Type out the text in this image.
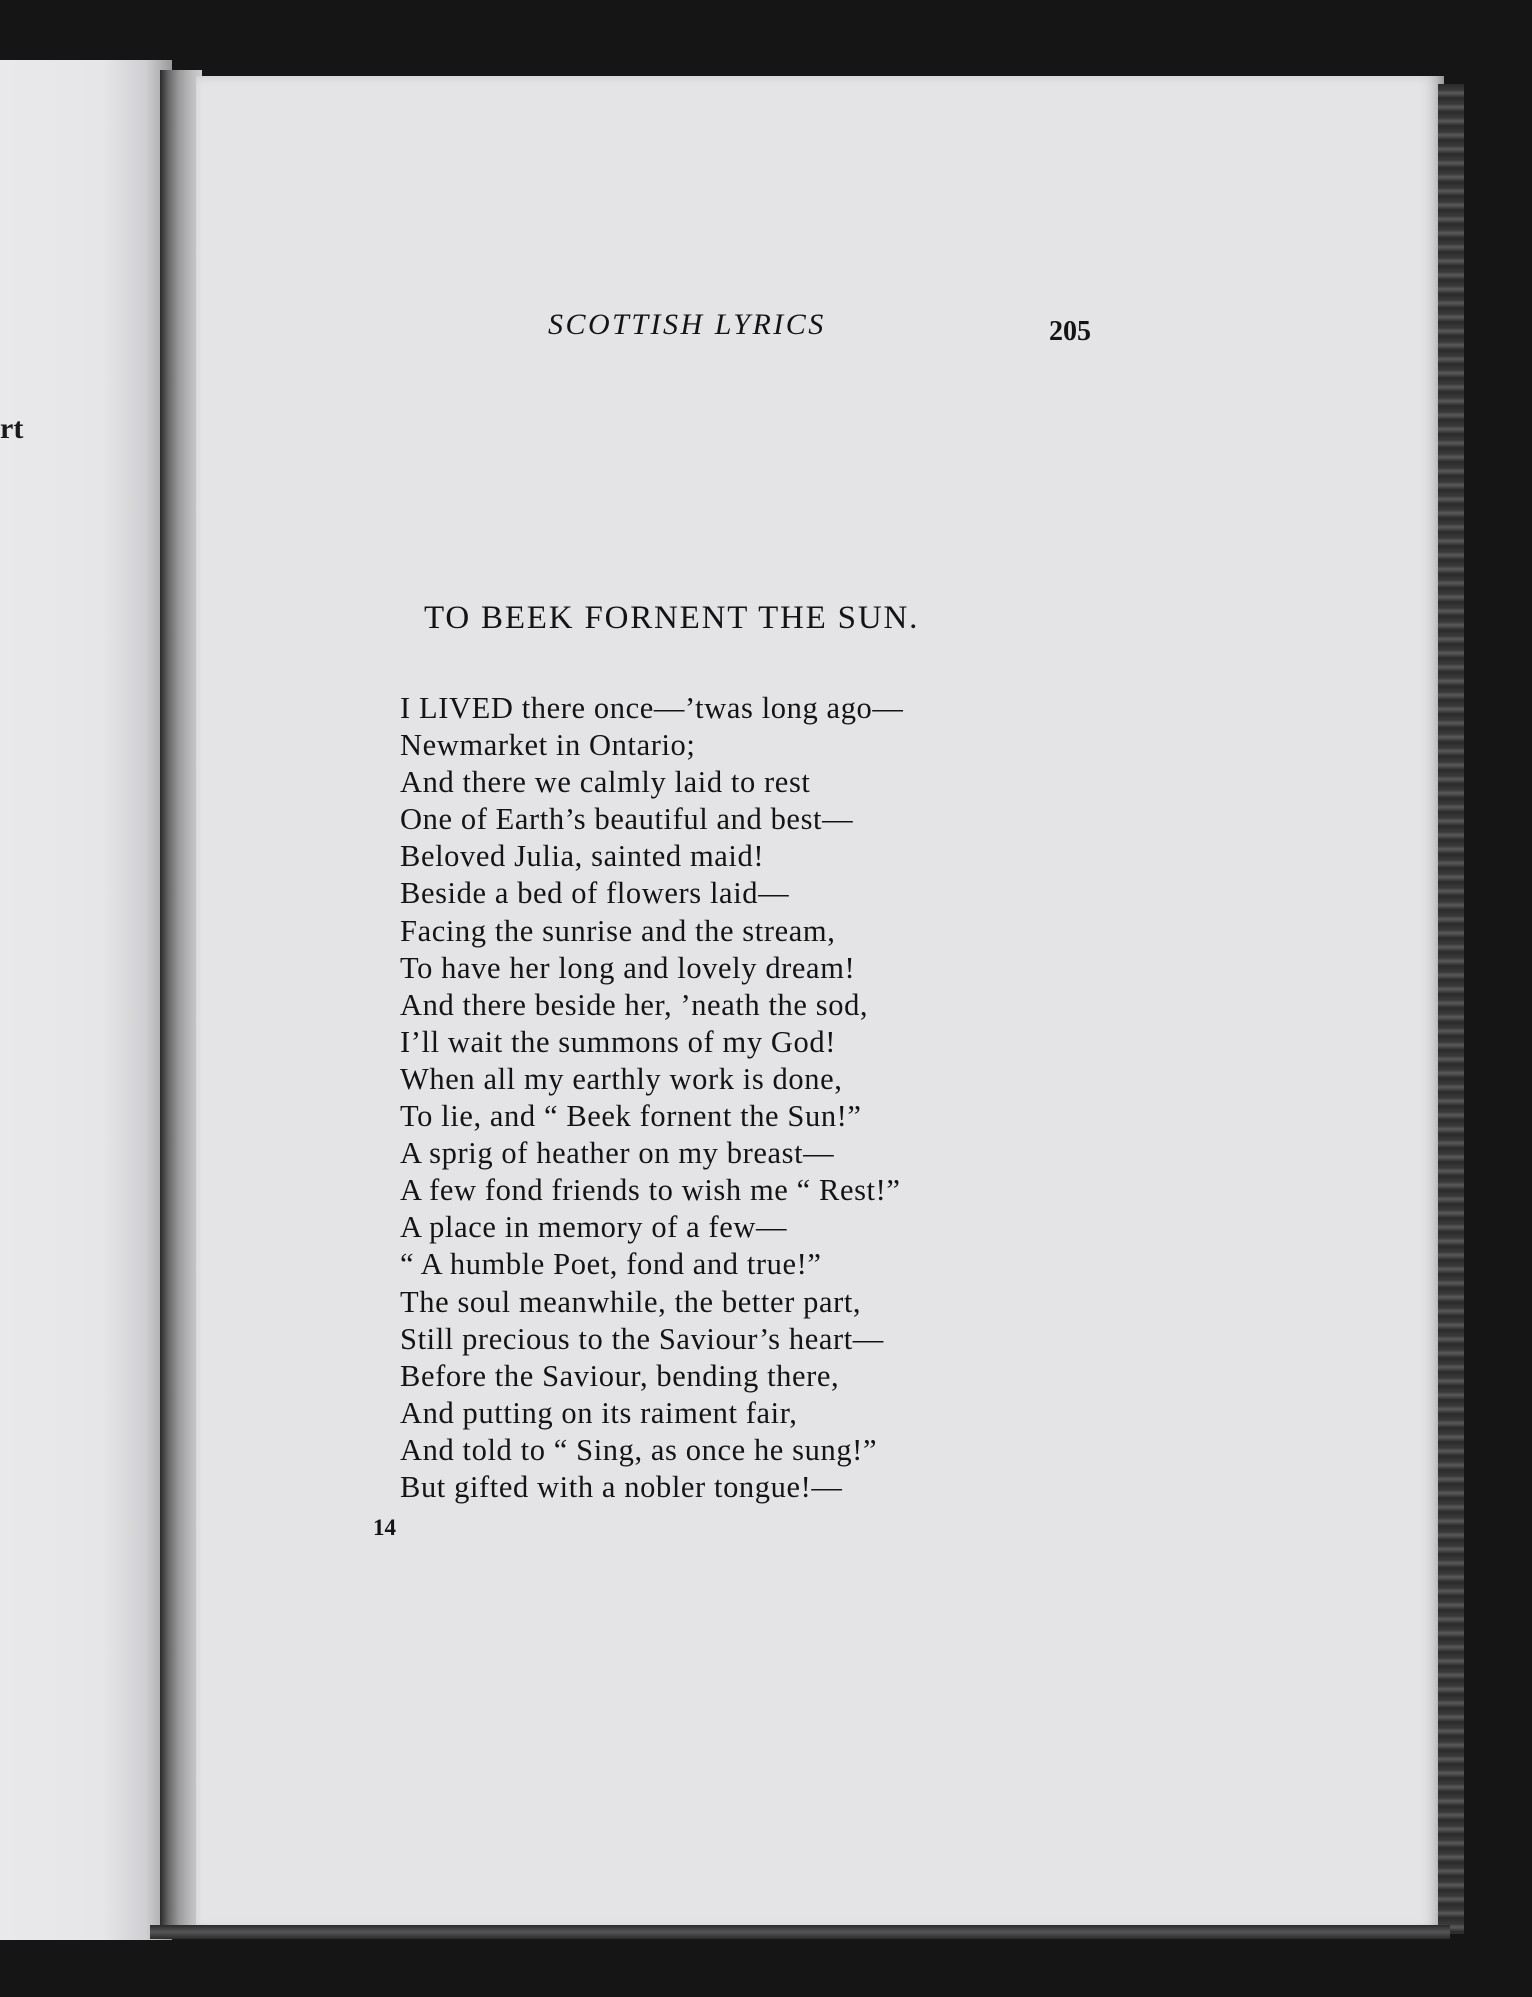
rt
SCOTTISH LYRICS	205
TO BEEK FORNENT THE SUN.
I LIVED there once—’twas long ago—
Newmarket in Ontario;
And there we calmly laid to rest
One of Earth’s beautiful and best—
Beloved Julia, sainted maid!
Beside a bed of flowers laid—
Facing the sunrise and the stream,
To have her long and lovely dream!
And there beside her, ’neath the sod,
I’ll wait the summons of my God!
When all my earthly work is done,
To lie, and “ Beek fornent the Sun!”
A sprig of heather on my breast—
A few fond friends to wish me “ Rest!”
A place in memory of a few—
“ A humble Poet, fond and true!”
The soul meanwhile, the better part,
Still precious to the Saviour’s heart—
Before the Saviour, bending there,
And putting on its raiment fair,
And told to “ Sing, as once he sung!”
But gifted with a nobler tongue!—
14
